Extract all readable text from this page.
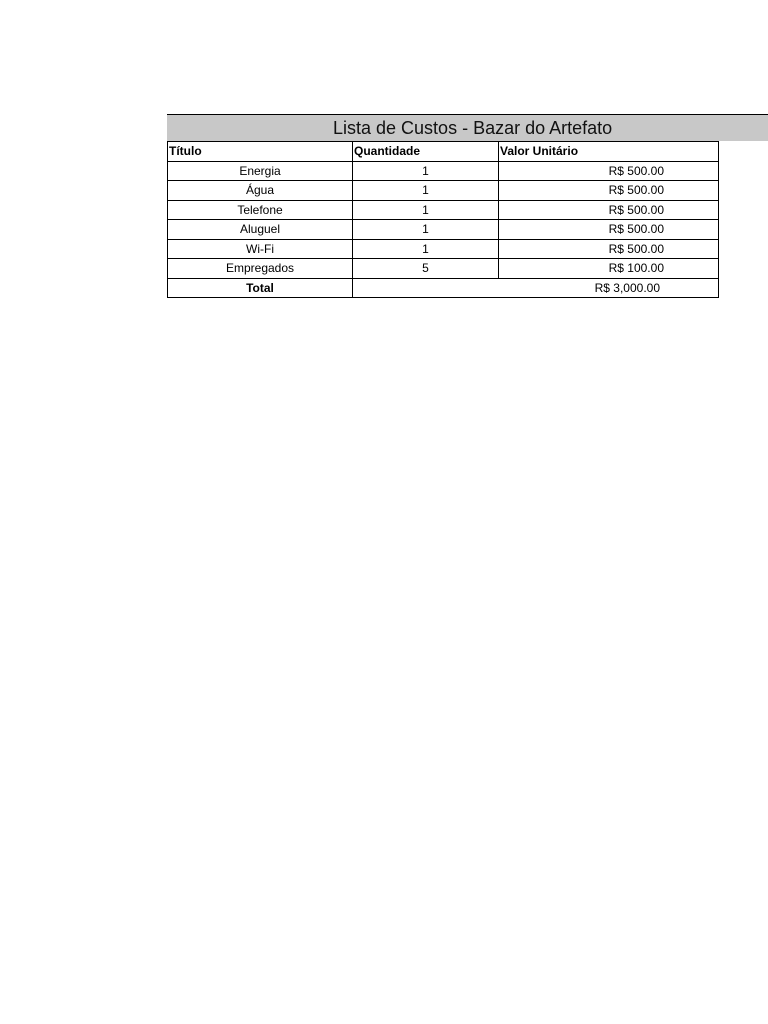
Lista de Custos - Bazar do Artefato
Título	Quantidade	Valor Unitário
Energia	1	R$ 500.00
Água	1	R$ 500.00
Telefone	1	R$ 500.00
Aluguel	1	R$ 500.00
Wi-Fi	1	R$ 500.00
Empregados	5	R$ 100.00
Total	R$ 3,000.00	
